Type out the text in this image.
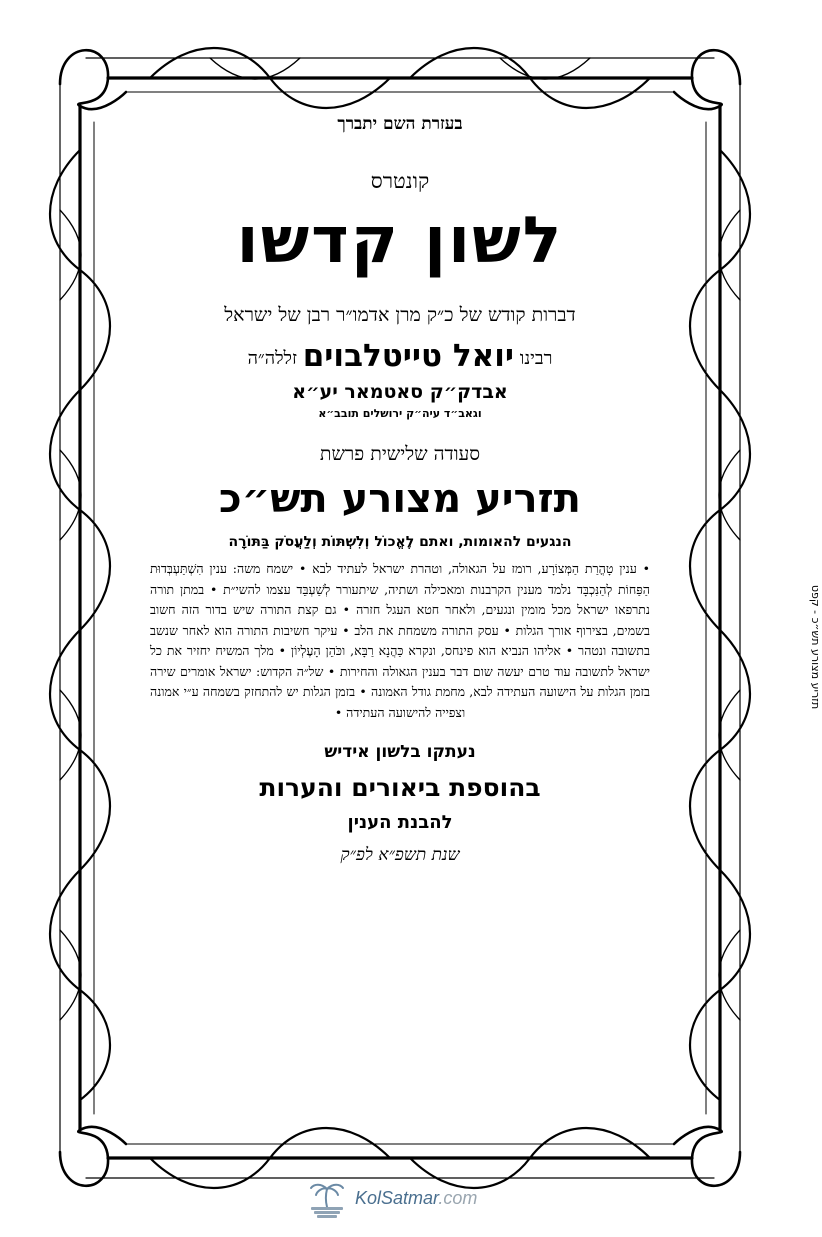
בעזרת השם יתברך

קונטרס

לשון קדשו

דברות קודש של כ״ק מרן אדמו״ר רבן של ישראל

רבינו יואל טייטלבוים זללה״ה

אבדק״ק סאטמאר יע״א

וגאב״ד עיה״ק ירושלים תובב״א

סעודה שלישית פרשת

תזריע מצורע תש״כ

הנגעים להאומות, ואתם לֶאֱכוֹל וְלִשְׁתּוֹת וְלַעֲסֹק בַּתּוֹרָה

• ענין טָהֳרַת הַמְּצוֹרָע, רומז על הגאולה, וטהרת ישראל לעתיד לבא • ישמח משה: ענין הִשְׁתַּעְבְּדוּת הַפַּחוֹת לְהַנִּכְבָּד נלמד מענין הקרבנות ומאכילה ושתיה, שיתעורר לְשַׁעְבֵּד עצמו להשי״ת • במתן תורה נתרפאו ישראל מכל מומין ונגעים, ולאחר חטא העגל חזרה • גם קצת התורה שיש בדור הזה חשוב בשמים, בצירוף אורך הגלות • עסק התורה משמחת את הלב • עיקר חשיבות התורה הוא לאחר שנשב בתשובה ונטהר • אליהו הנביא הוא פינחס, ונקרא כַּהֲנָא רַבָּא, וכֹּהֵן הָעֶלְיוֹן • מלך המשיח יחזיר את כל ישראל לתשובה עוד טרם יעשה שום דבר בענין הגאולה והחירות • של״ה הקדוש: ישראל אומרים שירה בזמן הגלות על הישועה העתידה לבא, מחמת גודל האמונה • בזמן הגלות יש להתחזק בשמחה ע״י אמונה וצפייה להישועה העתידה •

נעתקו בלשון אידיש

בהוספת ביאורים והערות

להבנת הענין

שנת תשפ״א לפ״ק

תזריע מצורע תש״כ - קפט
KolSatmar.com
